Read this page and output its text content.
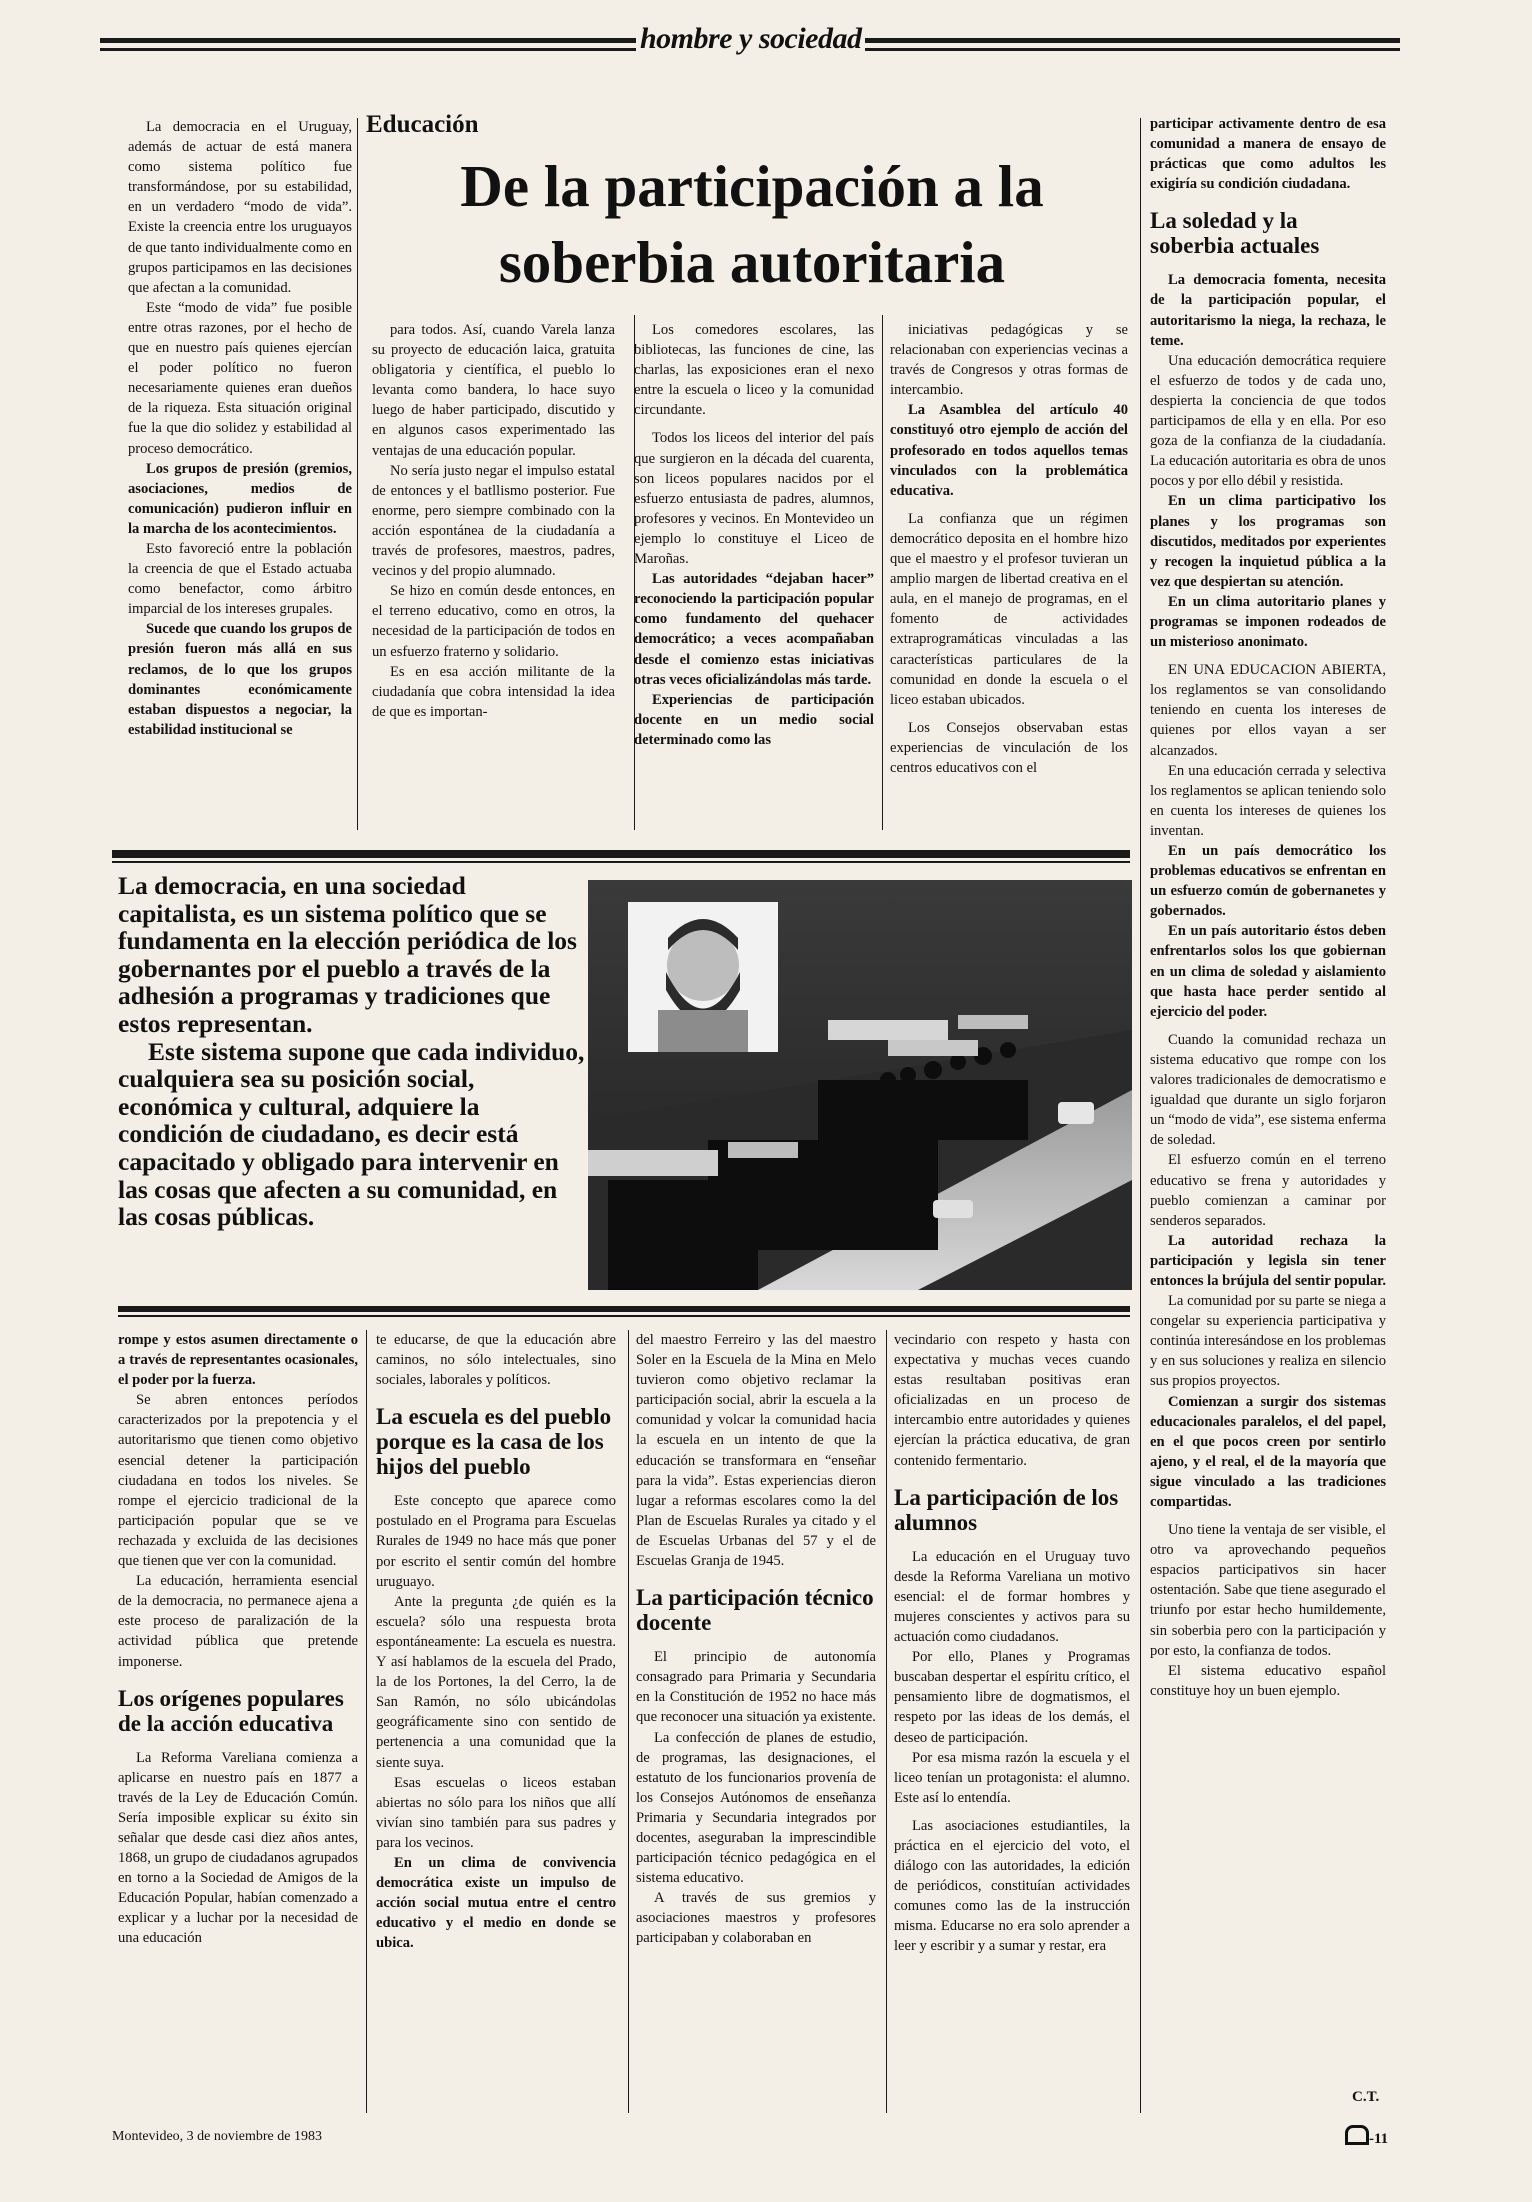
hombre y sociedad
Educación
De la participación a la soberbia autoritaria

La democracia en el Uruguay, además de actuar de está manera como sistema político fue transformándose, por su estabilidad, en un verdadero “modo de vida”. Existe la creencia entre los uruguayos de que tanto individualmente como en grupos participamos en las decisiones que afectan a la comunidad.

Este “modo de vida” fue posible entre otras razones, por el hecho de que en nuestro país quienes ejercían el poder político no fueron necesariamente quienes eran dueños de la riqueza. Esta situación original fue la que dio solidez y estabilidad al proceso democrático.

Los grupos de presión (gremios, asociaciones, medios de comunicación) pudieron influir en la marcha de los acontecimientos.

Esto favoreció entre la población la creencia de que el Estado actuaba como benefactor, como árbitro imparcial de los intereses grupales.

Sucede que cuando los grupos de presión fueron más allá en sus reclamos, de lo que los grupos dominantes económicamente estaban dispuestos a negociar, la estabilidad institucional se

para todos. Así, cuando Varela lanza su proyecto de educación laica, gratuita obligatoria y científica, el pueblo lo levanta como bandera, lo hace suyo luego de haber participado, discutido y en algunos casos experimentado las ventajas de una educación popular.

No sería justo negar el impulso estatal de entonces y el batllismo posterior. Fue enorme, pero siempre combinado con la acción espontánea de la ciudadanía a través de profesores, maestros, padres, vecinos y del propio alumnado.

Se hizo en común desde entonces, en el terreno educativo, como en otros, la necesidad de la participación de todos en un esfuerzo fraterno y solidario.

Es en esa acción militante de la ciudadanía que cobra intensidad la idea de que es importan-

Los comedores escolares, las bibliotecas, las funciones de cine, las charlas, las exposiciones eran el nexo entre la escuela o liceo y la comunidad circundante.

Todos los liceos del interior del país que surgieron en la década del cuarenta, son liceos populares nacidos por el esfuerzo entusiasta de padres, alumnos, profesores y vecinos. En Montevideo un ejemplo lo constituye el Liceo de Maroñas.

Las autoridades “dejaban hacer” reconociendo la participación popular como fundamento del quehacer democrático; a veces acompañaban desde el comienzo estas iniciativas otras veces oficializándolas más tarde.

Experiencias de participación docente en un medio social determinado como las

iniciativas pedagógicas y se relacionaban con experiencias vecinas a través de Congresos y otras formas de intercambio.

La Asamblea del artículo 40 constituyó otro ejemplo de acción del profesorado en todos aquellos temas vinculados con la problemática educativa.

La confianza que un régimen democrático deposita en el hombre hizo que el maestro y el profesor tuvieran un amplio margen de libertad creativa en el aula, en el manejo de programas, en el fomento de actividades extraprogramáticas vinculadas a las características particulares de la comunidad en donde la escuela o el liceo estaban ubicados.

Los Consejos observaban estas experiencias de vinculación de los centros educativos con el

participar activamente dentro de esa comunidad a manera de ensayo de prácticas que como adultos les exigiría su condición ciudadana.

La soledad y la soberbia actuales

La democracia fomenta, necesita de la participación popular, el autoritarismo la niega, la rechaza, le teme.

Una educación democrática requiere el esfuerzo de todos y de cada uno, despierta la conciencia de que todos participamos de ella y en ella. Por eso goza de la confianza de la ciudadanía. La educación autoritaria es obra de unos pocos y por ello débil y resistida.

En un clima participativo los planes y los programas son discutidos, meditados por experientes y recogen la inquietud pública a la vez que despiertan su atención.

En un clima autoritario planes y programas se imponen rodeados de un misterioso anonimato.

EN UNA EDUCACION ABIERTA, los reglamentos se van consolidando teniendo en cuenta los intereses de quienes por ellos vayan a ser alcanzados.

En una educación cerrada y selectiva los reglamentos se aplican teniendo solo en cuenta los intereses de quienes los inventan.

En un país democrático los problemas educativos se enfrentan en un esfuerzo común de gobernanetes y gobernados.

En un país autoritario éstos deben enfrentarlos solos los que gobiernan en un clima de soledad y aislamiento que hasta hace perder sentido al ejercicio del poder.

Cuando la comunidad rechaza un sistema educativo que rompe con los valores tradicionales de democratismo e igualdad que durante un siglo forjaron un “modo de vida”, ese sistema enferma de soledad.

El esfuerzo común en el terreno educativo se frena y autoridades y pueblo comienzan a caminar por senderos separados.

La autoridad rechaza la participación y legisla sin tener entonces la brújula del sentir popular.

La comunidad por su parte se niega a congelar su experiencia participativa y continúa interesándose en los problemas y en sus soluciones y realiza en silencio sus propios proyectos.

Comienzan a surgir dos sistemas educacionales paralelos, el del papel, en el que pocos creen por sentirlo ajeno, y el real, el de la mayoría que sigue vinculado a las tradiciones compartidas.

Uno tiene la ventaja de ser visible, el otro va aprovechando pequeños espacios participativos sin hacer ostentación. Sabe que tiene asegurado el triunfo por estar hecho humildemente, sin soberbia pero con la participación y por esto, la confianza de todos.

El sistema educativo español constituye hoy un buen ejemplo.

rompe y estos asumen directamente o a través de representantes ocasionales, el poder por la fuerza.

Se abren entonces períodos caracterizados por la prepotencia y el autoritarismo que tienen como objetivo esencial detener la participación ciudadana en todos los niveles. Se rompe el ejercicio tradicional de la participación popular que se ve rechazada y excluida de las decisiones que tienen que ver con la comunidad.

La educación, herramienta esencial de la democracia, no permanece ajena a este proceso de paralización de la actividad pública que pretende imponerse.

Los orígenes populares de la acción educativa

La Reforma Vareliana comienza a aplicarse en nuestro país en 1877 a través de la Ley de Educación Común. Sería imposible explicar su éxito sin señalar que desde casi diez años antes, 1868, un grupo de ciudadanos agrupados en torno a la Sociedad de Amigos de la Educación Popular, habían comenzado a explicar y a luchar por la necesidad de una educación

te educarse, de que la educación abre caminos, no sólo intelectuales, sino sociales, laborales y políticos.

La escuela es del pueblo porque es la casa de los hijos del pueblo

Este concepto que aparece como postulado en el Programa para Escuelas Rurales de 1949 no hace más que poner por escrito el sentir común del hombre uruguayo.

Ante la pregunta ¿de quién es la escuela? sólo una respuesta brota espontáneamente: La escuela es nuestra. Y así hablamos de la escuela del Prado, la de los Portones, la del Cerro, la de San Ramón, no sólo ubicándolas geográficamente sino con sentido de pertenencia a una comunidad que la siente suya.

Esas escuelas o liceos estaban abiertas no sólo para los niños que allí vivían sino también para sus padres y para los vecinos.

En un clima de convivencia democrática existe un impulso de acción social mutua entre el centro educativo y el medio en donde se ubica.

del maestro Ferreiro y las del maestro Soler en la Escuela de la Mina en Melo tuvieron como objetivo reclamar la participación social, abrir la escuela a la comunidad y volcar la comunidad hacia la escuela en un intento de que la educación se transformara en “enseñar para la vida”. Estas experiencias dieron lugar a reformas escolares como la del Plan de Escuelas Rurales ya citado y el de Escuelas Urbanas del 57 y el de Escuelas Granja de 1945.

La participación técnico docente

El principio de autonomía consagrado para Primaria y Secundaria en la Constitución de 1952 no hace más que reconocer una situación ya existente.

La confección de planes de estudio, de programas, las designaciones, el estatuto de los funcionarios provenía de los Consejos Autónomos de enseñanza Primaria y Secundaria integrados por docentes, aseguraban la imprescindible participación técnico pedagógica en el sistema educativo.

A través de sus gremios y asociaciones maestros y profesores participaban y colaboraban en

vecindario con respeto y hasta con expectativa y muchas veces cuando estas resultaban positivas eran oficializadas en un proceso de intercambio entre autoridades y quienes ejercían la práctica educativa, de gran contenido fermentario.

La participación de los alumnos

La educación en el Uruguay tuvo desde la Reforma Vareliana un motivo esencial: el de formar hombres y mujeres conscientes y activos para su actuación como ciudadanos.

Por ello, Planes y Programas buscaban despertar el espíritu crítico, el pensamiento libre de dogmatismos, el respeto por las ideas de los demás, el deseo de participación.

Por esa misma razón la escuela y el liceo tenían un protagonista: el alumno. Este así lo entendía.

Las asociaciones estudiantiles, la práctica en el ejercicio del voto, el diálogo con las autoridades, la edición de periódicos, constituían actividades comunes como las de la instrucción misma. Educarse no era solo aprender a leer y escribir y a sumar y restar, era

La democracia, en una sociedad capitalista, es un sistema político que se fundamenta en la elección periódica de los gobernantes por el pueblo a través de la adhesión a programas y tradiciones que estos representan.

Este sistema supone que cada individuo, cualquiera sea su posición social, económica y cultural, adquiere la condición de ciudadano, es decir está capacitado y obligado para intervenir en las cosas que afecten a su comunidad, en las cosas públicas.

C.T.
Montevideo, 3 de noviembre de 1983	-11
